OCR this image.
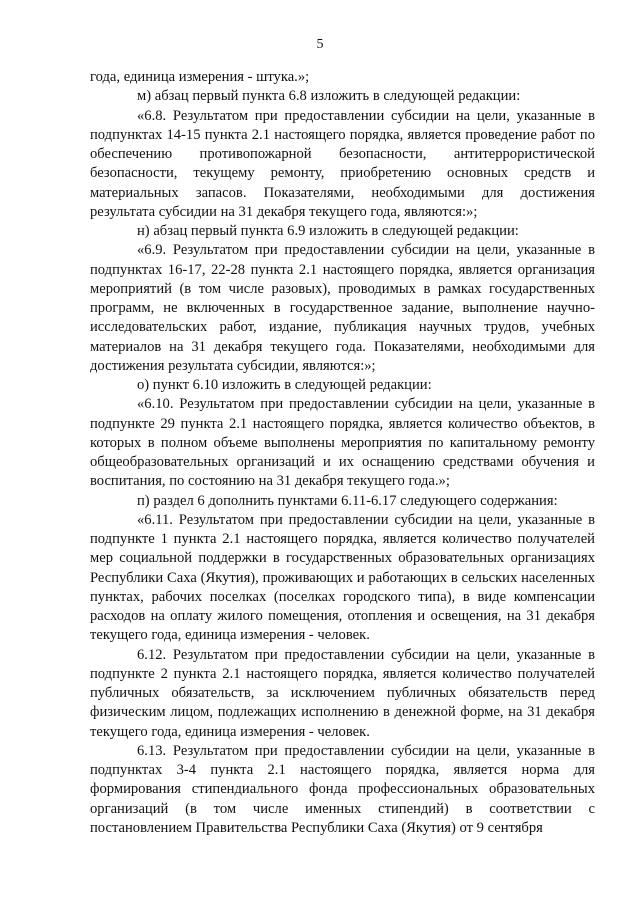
5

года, единица измерения - штука.»;

м) абзац первый пункта 6.8 изложить в следующей редакции:

«6.8. Результатом при предоставлении субсидии на цели, указанные в подпунктах 14-15 пункта 2.1 настоящего порядка, является проведение работ по обеспечению противопожарной безопасности, антитеррористической безопасности, текущему ремонту, приобретению основных средств и материальных запасов. Показателями, необходимыми для достижения результата субсидии на 31 декабря текущего года, являются:»;

н) абзац первый пункта 6.9 изложить в следующей редакции:

«6.9. Результатом при предоставлении субсидии на цели, указанные в подпунктах 16-17, 22-28 пункта 2.1 настоящего порядка, является организация мероприятий (в том числе разовых), проводимых в рамках государственных программ, не включенных в государственное задание, выполнение научно-исследовательских работ, издание, публикация научных трудов, учебных материалов на 31 декабря текущего года. Показателями, необходимыми для достижения результата субсидии, являются:»;

о) пункт 6.10 изложить в следующей редакции:

«6.10. Результатом при предоставлении субсидии на цели, указанные в подпункте 29 пункта 2.1 настоящего порядка, является количество объектов, в которых в полном объеме выполнены мероприятия по капитальному ремонту общеобразовательных организаций и их оснащению средствами обучения и воспитания, по состоянию на 31 декабря текущего года.»;

п) раздел 6 дополнить пунктами 6.11-6.17 следующего содержания:

«6.11. Результатом при предоставлении субсидии на цели, указанные в подпункте 1 пункта 2.1 настоящего порядка, является количество получателей мер социальной поддержки в государственных образовательных организациях Республики Саха (Якутия), проживающих и работающих в сельских населенных пунктах, рабочих поселках (поселках городского типа), в виде компенсации расходов на оплату жилого помещения, отопления и освещения, на 31 декабря текущего года, единица измерения - человек.

6.12. Результатом при предоставлении субсидии на цели, указанные в подпункте 2 пункта 2.1 настоящего порядка, является количество получателей публичных обязательств, за исключением публичных обязательств перед физическим лицом, подлежащих исполнению в денежной форме, на 31 декабря текущего года, единица измерения - человек.

6.13. Результатом при предоставлении субсидии на цели, указанные в подпунктах 3-4 пункта 2.1 настоящего порядка, является норма для формирования стипендиального фонда профессиональных образовательных организаций (в том числе именных стипендий) в соответствии с постановлением Правительства Республики Саха (Якутия) от 9 сентября
